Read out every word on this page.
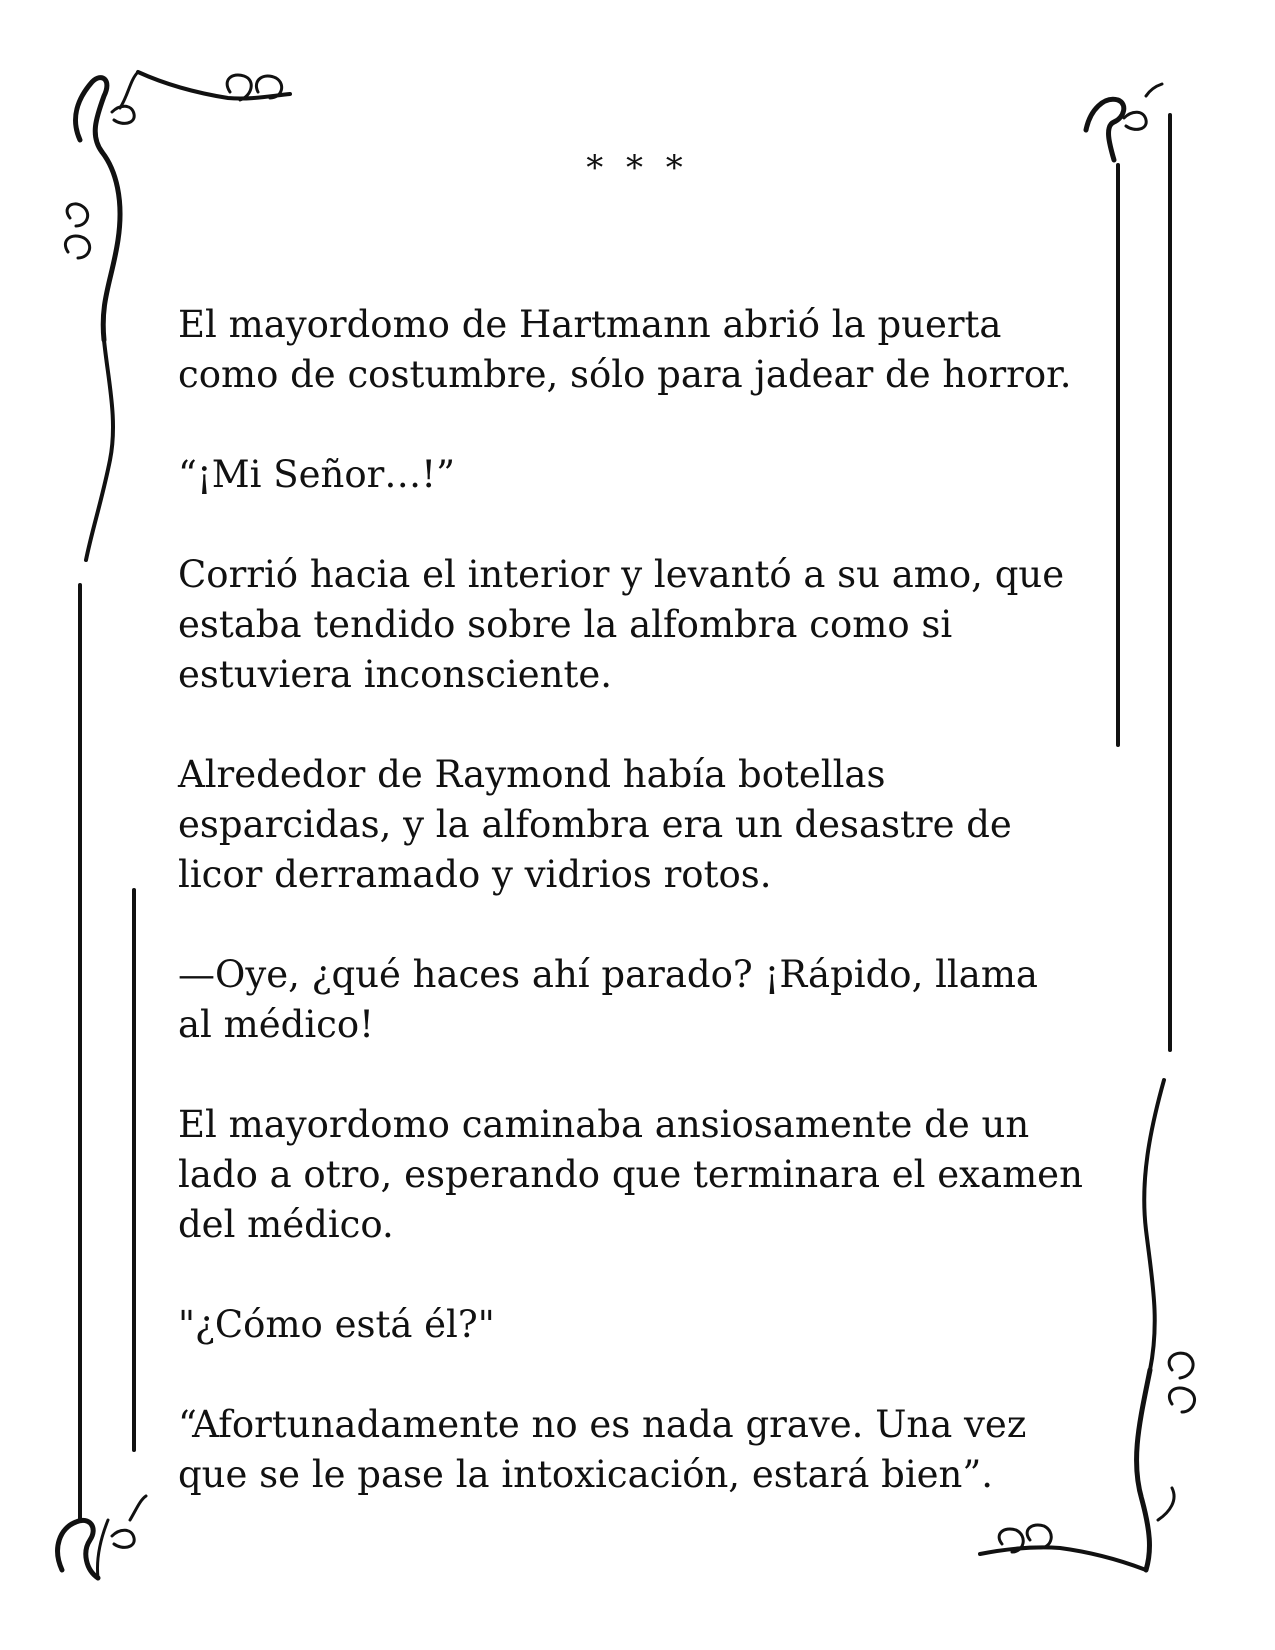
* * *

El mayordomo de Hartmann abrió la puerta
como de costumbre, sólo para jadear de horror.

“¡Mi Señor…!”

Corrió hacia el interior y levantó a su amo, que
estaba tendido sobre la alfombra como si
estuviera inconsciente.

Alrededor de Raymond había botellas
esparcidas, y la alfombra era un desastre de
licor derramado y vidrios rotos.

—Oye, ¿qué haces ahí parado? ¡Rápido, llama
al médico!

El mayordomo caminaba ansiosamente de un
lado a otro, esperando que terminara el examen
del médico.

"¿Cómo está él?"

“Afortunadamente no es nada grave. Una vez
que se le pase la intoxicación, estará bien”.
